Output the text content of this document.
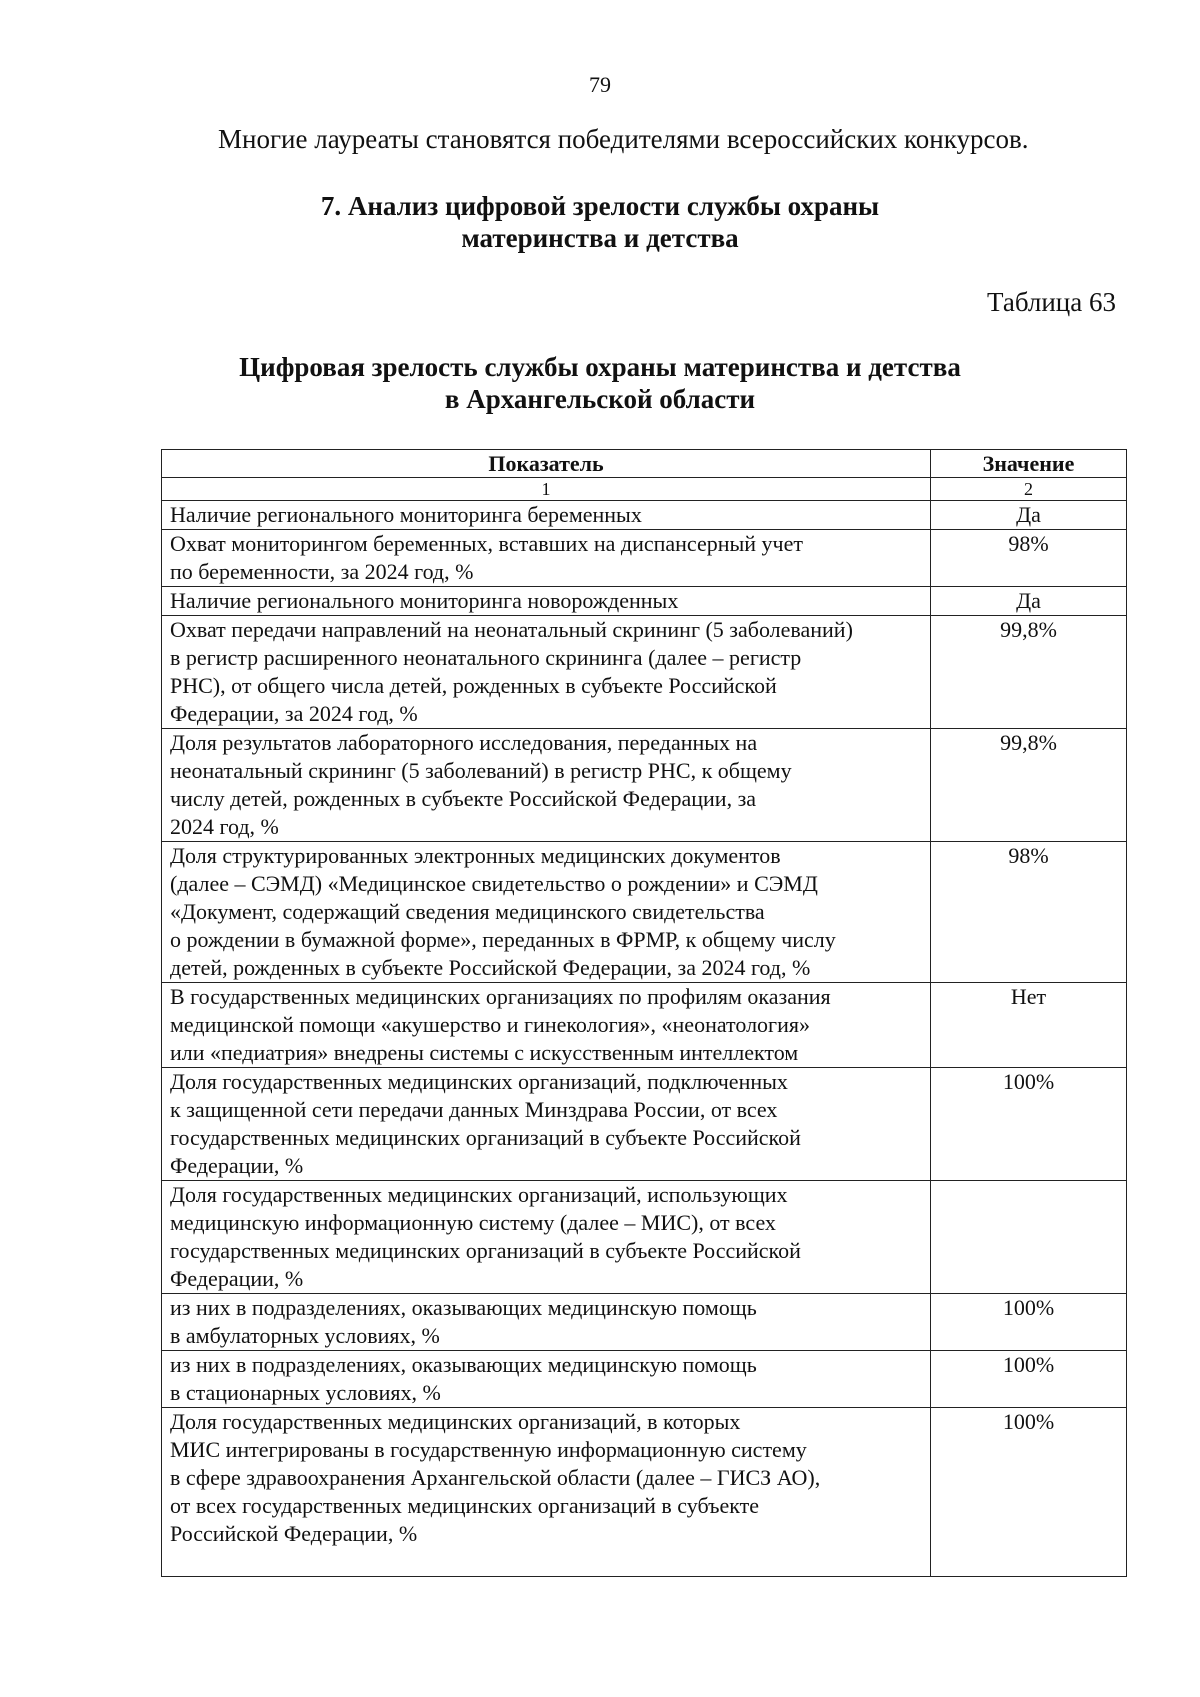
79
Многие лауреаты становятся победителями всероссийских конкурсов.
7. Анализ цифровой зрелости службы охраны
материнства и детства
Таблица 63
Цифровая зрелость службы охраны материнства и детства
в Архангельской области
Показатель	Значение
1	2

Наличие регионального мониторинга беременных	Да

Охват мониторингом беременных, вставших на диспансерный учет
по беременности, за 2024 год, %	98%

Наличие регионального мониторинга новорожденных	Да

Охват передачи направлений на неонатальный скрининг (5 заболеваний)
в регистр расширенного неонатального скрининга (далее – регистр
РНС), от общего числа детей, рожденных в субъекте Российской
Федерации, за 2024 год, %	99,8%

Доля результатов лабораторного исследования, переданных на
неонатальный скрининг (5 заболеваний) в регистр РНС, к общему
числу детей, рожденных в субъекте Российской Федерации, за
2024 год, %	99,8%

Доля структурированных электронных медицинских документов
(далее – СЭМД) «Медицинское свидетельство о рождении» и СЭМД
«Документ, содержащий сведения медицинского свидетельства
о рождении в бумажной форме», переданных в ФРМР, к общему числу
детей, рожденных в субъекте Российской Федерации, за 2024 год, %	98%

В государственных медицинских организациях по профилям оказания
медицинской помощи «акушерство и гинекология», «неонатология»
или «педиатрия» внедрены системы с искусственным интеллектом	Нет

Доля государственных медицинских организаций, подключенных
к защищенной сети передачи данных Минздрава России, от всех
государственных медицинских организаций в субъекте Российской
Федерации, %	100%

Доля государственных медицинских организаций, использующих
медицинскую информационную систему (далее – МИС), от всех
государственных медицинских организаций в субъекте Российской
Федерации, %	

из них в подразделениях, оказывающих медицинскую помощь
в амбулаторных условиях, %	100%

из них в подразделениях, оказывающих медицинскую помощь
в стационарных условиях, %	100%

Доля государственных медицинских организаций, в которых
МИС интегрированы в государственную информационную систему
в сфере здравоохранения Архангельской области (далее – ГИСЗ АО),
от всех государственных медицинских организаций в субъекте
Российской Федерации, %	100%
